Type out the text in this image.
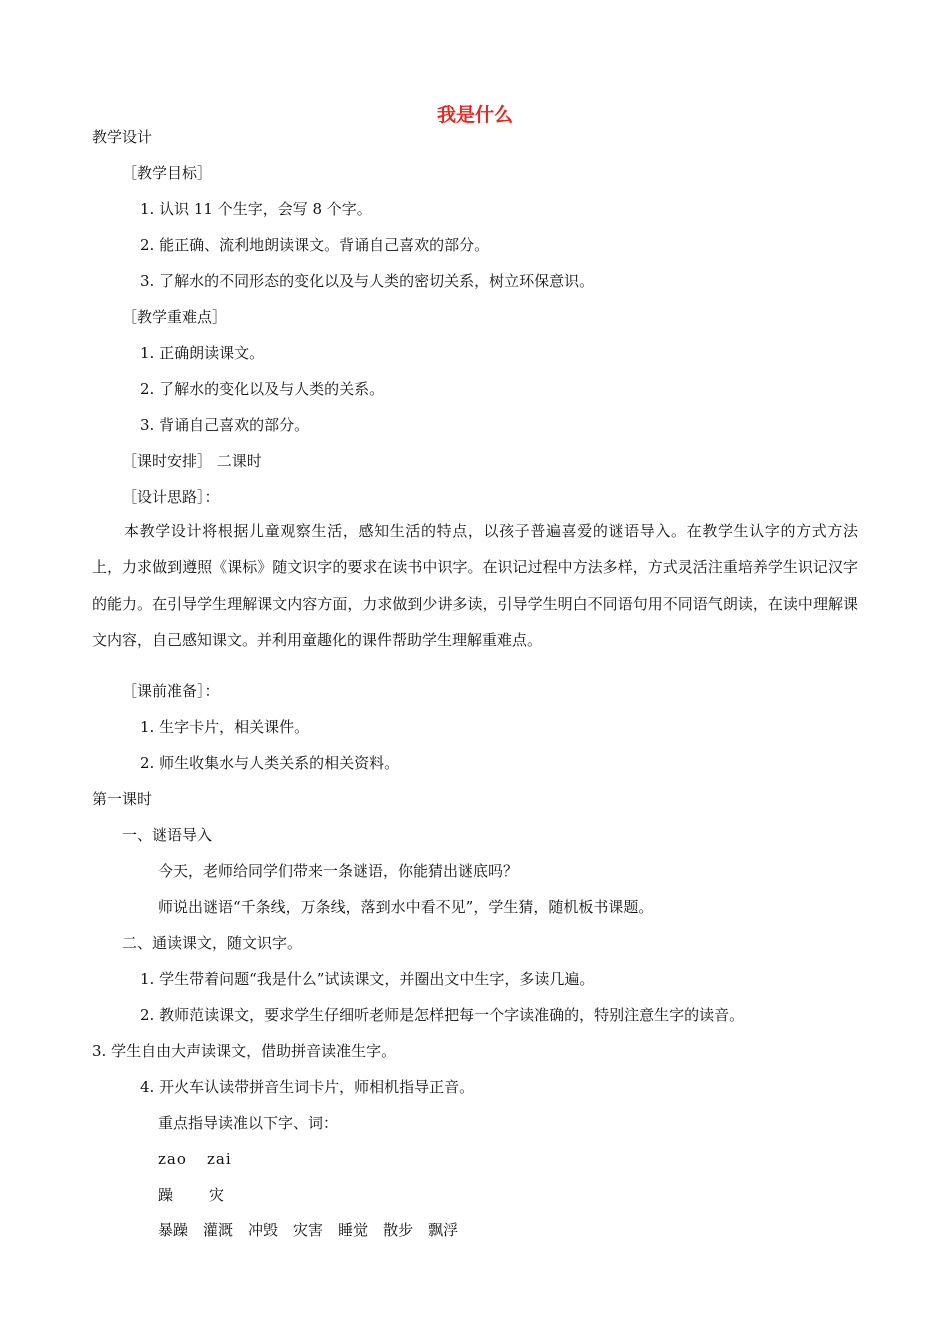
我是什么
教学设计
［教学目标］
1. 认识 11 个生字，会写 8 个字。
2. 能正确、流利地朗读课文。背诵自己喜欢的部分。
3. 了解水的不同形态的变化以及与人类的密切关系，树立环保意识。
［教学重难点］
1. 正确朗读课文。
2. 了解水的变化以及与人类的关系。
3. 背诵自己喜欢的部分。
［课时安排］ 二课时
［设计思路］：
本教学设计将根据儿童观察生活，感知生活的特点，以孩子普遍喜爱的谜语导入。在教学生认字的方式方法上，力求做到遵照《课标》随文识字的要求在读书中识字。在识记过程中方法多样，方式灵活注重培养学生识记汉字的能力。在引导学生理解课文内容方面，力求做到少讲多读，引导学生明白不同语句用不同语气朗读，在读中理解课文内容，自己感知课文。并利用童趣化的课件帮助学生理解重难点。
［课前准备］：
1. 生字卡片，相关课件。
2. 师生收集水与人类关系的相关资料。
第一课时
一、谜语导入
今天，老师给同学们带来一条谜语，你能猜出谜底吗？
师说出谜语“千条线，万条线，落到水中看不见”，学生猜，随机板书课题。
二、通读课文，随文识字。
1. 学生带着问题“我是什么”试读课文，并圈出文中生字，多读几遍。
2. 教师范读课文，要求学生仔细听老师是怎样把每一个字读准确的，特别注意生字的读音。
3. 学生自由大声读课文，借助拼音读准生字。
4. 开火车认读带拼音生词卡片，师相机指导正音。
重点指导读准以下字、词：
zao zai
躁 灾
暴躁 灌溉 冲毁 灾害 睡觉 散步 飘浮
